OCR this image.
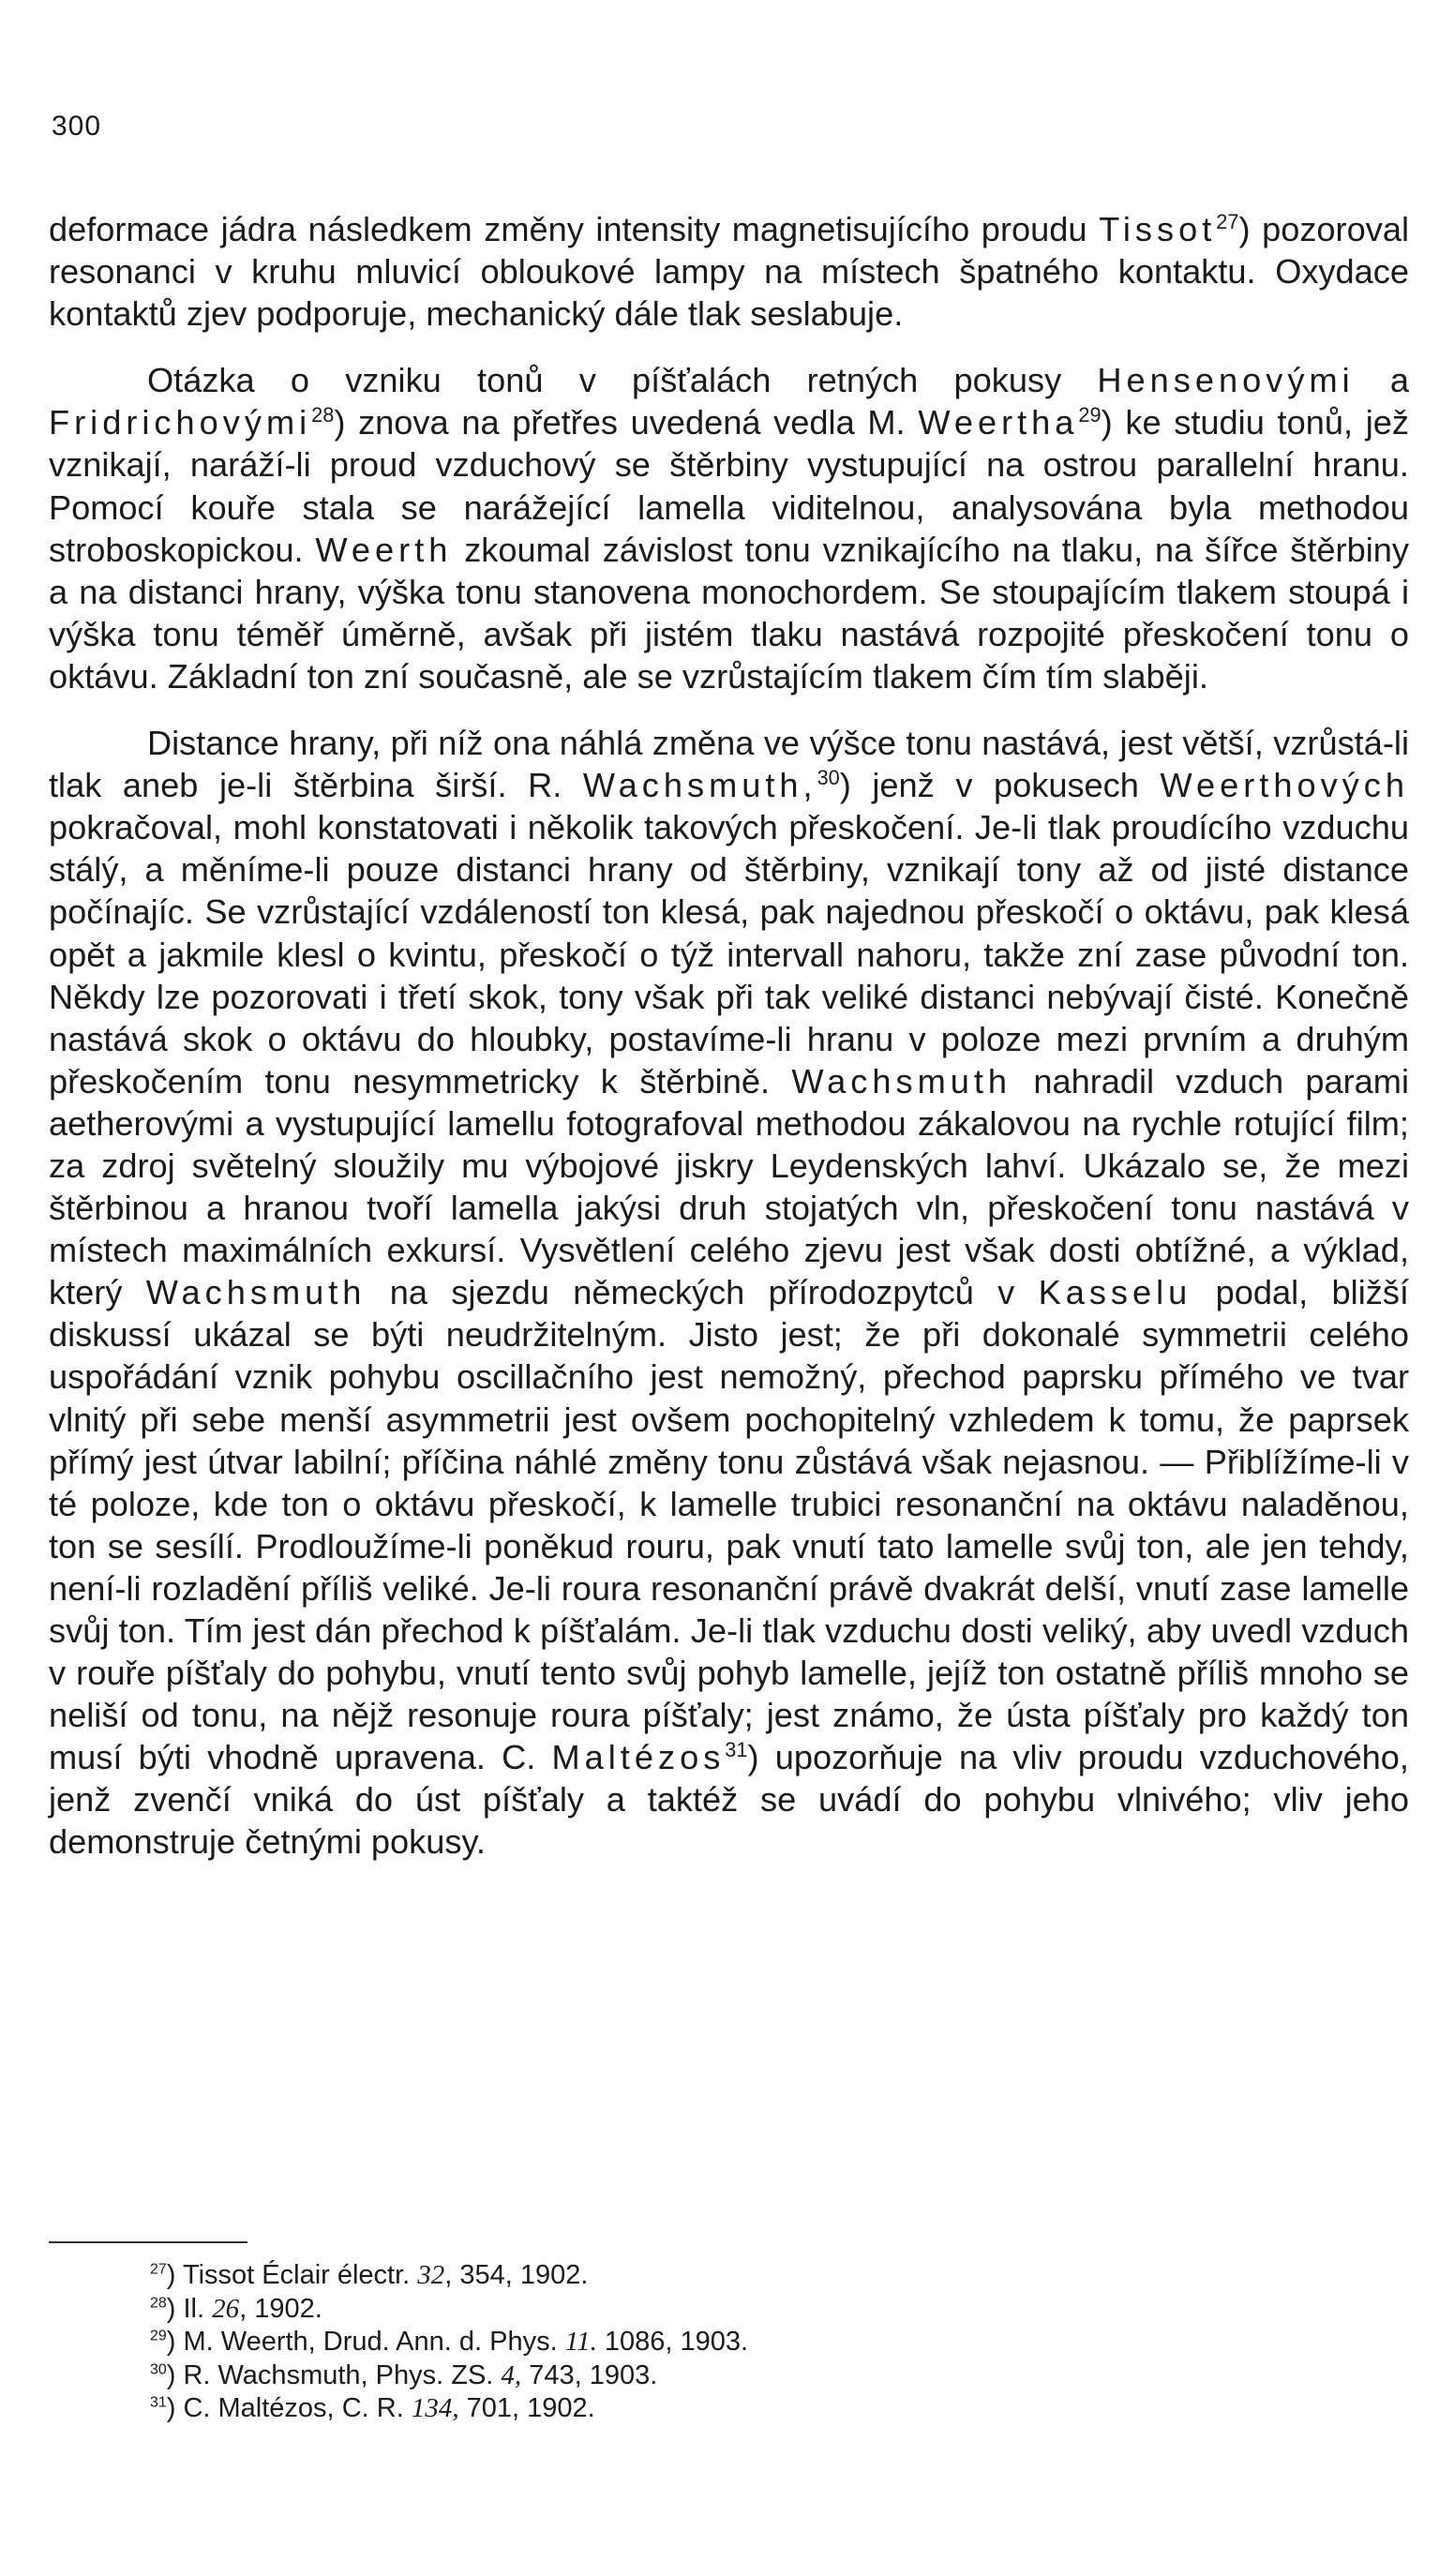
300

deformace jádra následkem změny intensity magnetisujícího proudu Tissot$^{27}$) pozoroval resonanci v kruhu mluvicí obloukové lampy na místech špatného kontaktu. Oxydace kontaktů zjev podporuje, mechanický dále tlak seslabuje.

Otázka o vzniku tonů v píšťalách retných pokusy Hensenovými a Fridrichovými$^{28}$) znova na přetřes uvedená vedla M. Weertha$^{29}$) ke studiu tonů, jež vznikají, naráží-li proud vzduchový se štěrbiny vystupující na ostrou parallelní hranu. Pomocí kouře stala se narážející lamella viditelnou, analysována byla methodou stroboskopickou. Weerth zkoumal závislost tonu vznikajícího na tlaku, na šířce štěrbiny a na distanci hrany, výška tonu stanovena monochordem. Se stoupajícím tlakem stoupá i výška tonu téměř úměrně, avšak při jistém tlaku nastává rozpojité přeskočení tonu o oktávu. Základní ton zní současně, ale se vzrůstajícím tlakem čím tím slaběji.

Distance hrany, při níž ona náhlá změna ve výšce tonu nastává, jest větší, vzrůstá-li tlak aneb je-li štěrbina širší. R. Wachsmuth,$^{30}$) jenž v pokusech Weerthových pokračoval, mohl konstatovati i několik takových přeskočení. Je-li tlak proudícího vzduchu stálý, a měníme-li pouze distanci hrany od štěrbiny, vznikají tony až od jisté distance počínajíc. Se vzrůstající vzdáleností ton klesá, pak najednou přeskočí o oktávu, pak klesá opět a jakmile klesl o kvintu, přeskočí o týž intervall nahoru, takže zní zase původní ton. Někdy lze pozorovati i třetí skok, tony však při tak veliké distanci nebývají čisté. Konečně nastává skok o oktávu do hloubky, postavíme-li hranu v poloze mezi prvním a druhým přeskočením tonu nesymmetricky k štěrbině. Wachsmuth nahradil vzduch parami aetherovými a vystupující lamellu fotografoval methodou zákalovou na rychle rotující film; za zdroj světelný sloužily mu výbojové jiskry Leydenských lahví. Ukázalo se, že mezi štěrbinou a hranou tvoří lamella jakýsi druh stojatých vln, přeskočení tonu nastává v místech maximálních exkursí. Vysvětlení celého zjevu jest však dosti obtížné, a výklad, který Wachsmuth na sjezdu německých přírodozpytců v Kasselu podal, bližší diskussí ukázal se býti neudržitelným. Jisto jest; že při dokonalé symmetrii celého uspořádání vznik pohybu oscillačního jest nemožný, přechod paprsku přímého ve tvar vlnitý při sebe menší asymmetrii jest ovšem pochopitelný vzhledem k tomu, že paprsek přímý jest útvar labilní; příčina náhlé změny tonu zůstává však nejasnou. — Přiblížíme-li v té poloze, kde ton o oktávu přeskočí, k lamelle trubici resonanční na oktávu naladěnou, ton se sesílí. Prodloužíme-li poněkud rouru, pak vnutí tato lamelle svůj ton, ale jen tehdy, není-li rozladění příliš veliké. Je-li roura resonanční právě dvakrát delší, vnutí zase lamelle svůj ton. Tím jest dán přechod k píšťalám. Je-li tlak vzduchu dosti veliký, aby uvedl vzduch v rouře píšťaly do pohybu, vnutí tento svůj pohyb lamelle, jejíž ton ostatně příliš mnoho se neliší od tonu, na nějž resonuje roura píšťaly; jest známo, že ústa píšťaly pro každý ton musí býti vhodně upravena. C. Maltézos$^{31}$) upozorňuje na vliv proudu vzduchového, jenž zvenčí vniká do úst píšťaly a taktéž se uvádí do pohybu vlnivého; vliv jeho demonstruje četnými pokusy.

$^{27}$) Tissot Éclair électr. 32, 354, 1902.
$^{28}$) Il. 26, 1902.
$^{29}$) M. Weerth, Drud. Ann. d. Phys. 11. 1086, 1903.
$^{30}$) R. Wachsmuth, Phys. ZS. 4, 743, 1903.
$^{31}$) C. Maltézos, C. R. 134, 701, 1902.
